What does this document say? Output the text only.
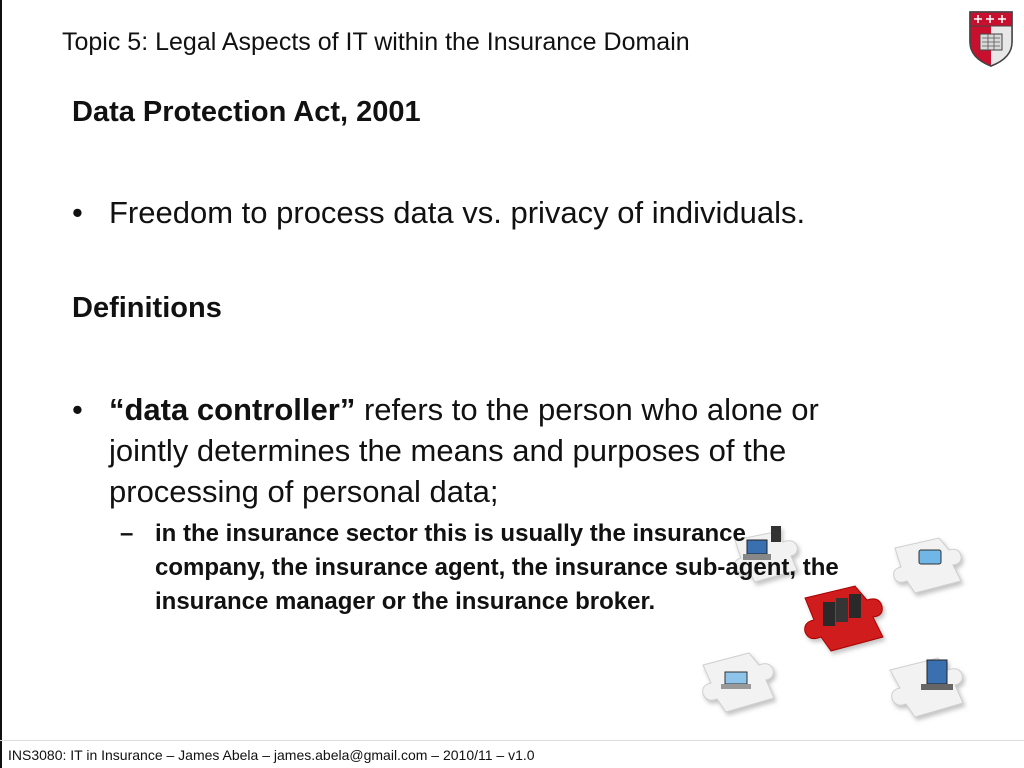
Topic 5: Legal Aspects of IT within the Insurance Domain
Data Protection Act, 2001
• Freedom to process data vs. privacy of individuals.
Definitions
• “data controller” refers to the person who alone or jointly determines the means and purposes of the processing of personal data;
– in the insurance sector this is usually the insurance company, the insurance agent, the insurance sub-agent, the insurance manager or the insurance broker.
INS3080: IT in Insurance – James Abela – james.abela@gmail.com – 2010/11 – v1.0
